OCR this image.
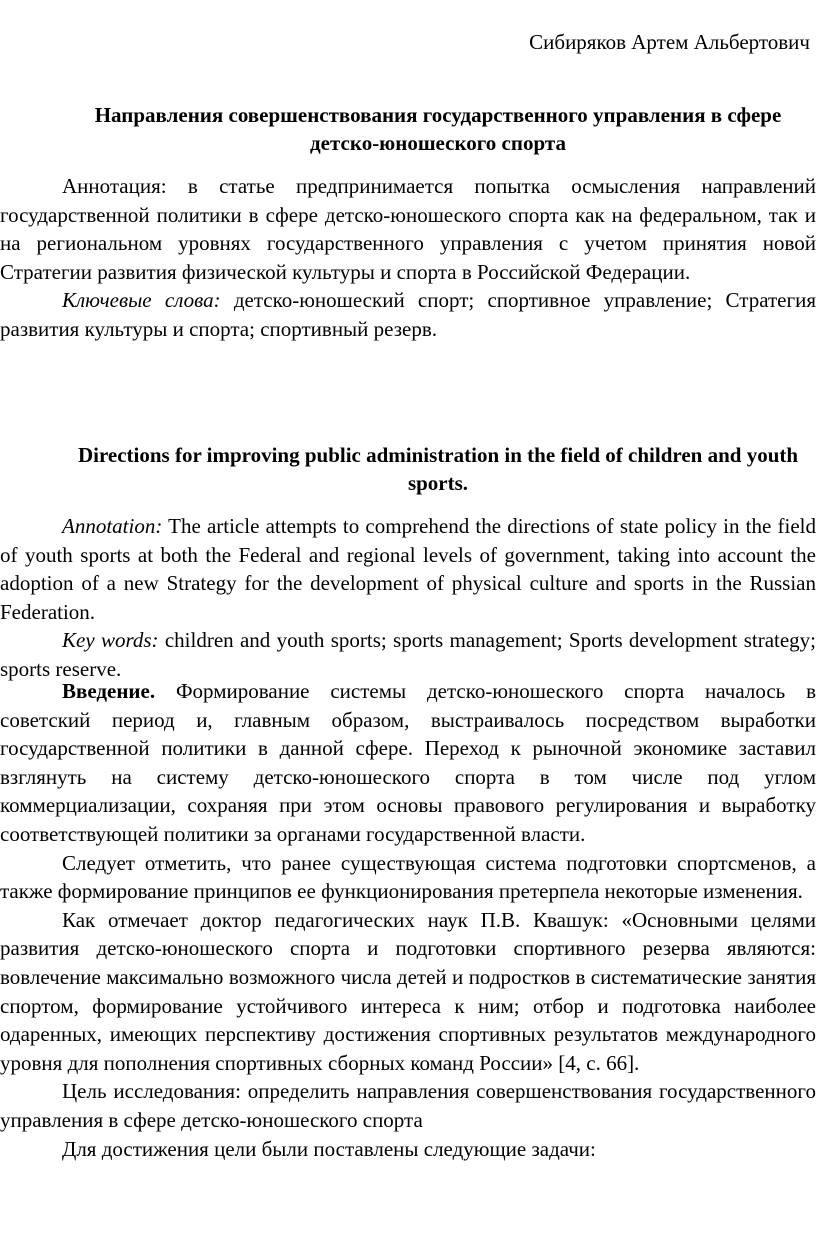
Сибиряков Артем Альбертович
Направления совершенствования государственного управления в сфере детско-юношеского спорта

Аннотация: в статье предпринимается попытка осмысления направлений государственной политики в сфере детско-юношеского спорта как на федеральном, так и на региональном уровнях государственного управления с учетом принятия новой Стратегии развития физической культуры и спорта в Российской Федерации.

Ключевые слова: детско-юношеский спорт; спортивное управление; Стратегия развития культуры и спорта; спортивный резерв.

Directions for improving public administration in the field of children and youth sports.

Annotation: The article attempts to comprehend the directions of state policy in the field of youth sports at both the Federal and regional levels of government, taking into account the adoption of a new Strategy for the development of physical culture and sports in the Russian Federation.

Key words: children and youth sports; sports management; Sports development strategy; sports reserve.

Введение. Формирование системы детско-юношеского спорта началось в советский период и, главным образом, выстраивалось посредством выработки государственной политики в данной сфере. Переход к рыночной экономике заставил взглянуть на систему детско-юношеского спорта в том числе под углом коммерциализации, сохраняя при этом основы правового регулирования и выработку соответствующей политики за органами государственной власти.

Следует отметить, что ранее существующая система подготовки спортсменов, а также формирование принципов ее функционирования претерпела некоторые изменения.

Как отмечает доктор педагогических наук П.В. Квашук: «Основными целями развития детско-юношеского спорта и подготовки спортивного резерва являются: вовлечение максимально возможного числа детей и подростков в систематические занятия спортом, формирование устойчивого интереса к ним; отбор и подготовка наиболее одаренных, имеющих перспективу достижения спортивных результатов международного уровня для пополнения спортивных сборных команд России» [4, с. 66].

Цель исследования: определить направления совершенствования государственного управления в сфере детско-юношеского спорта

Для достижения цели были поставлены следующие задачи:
